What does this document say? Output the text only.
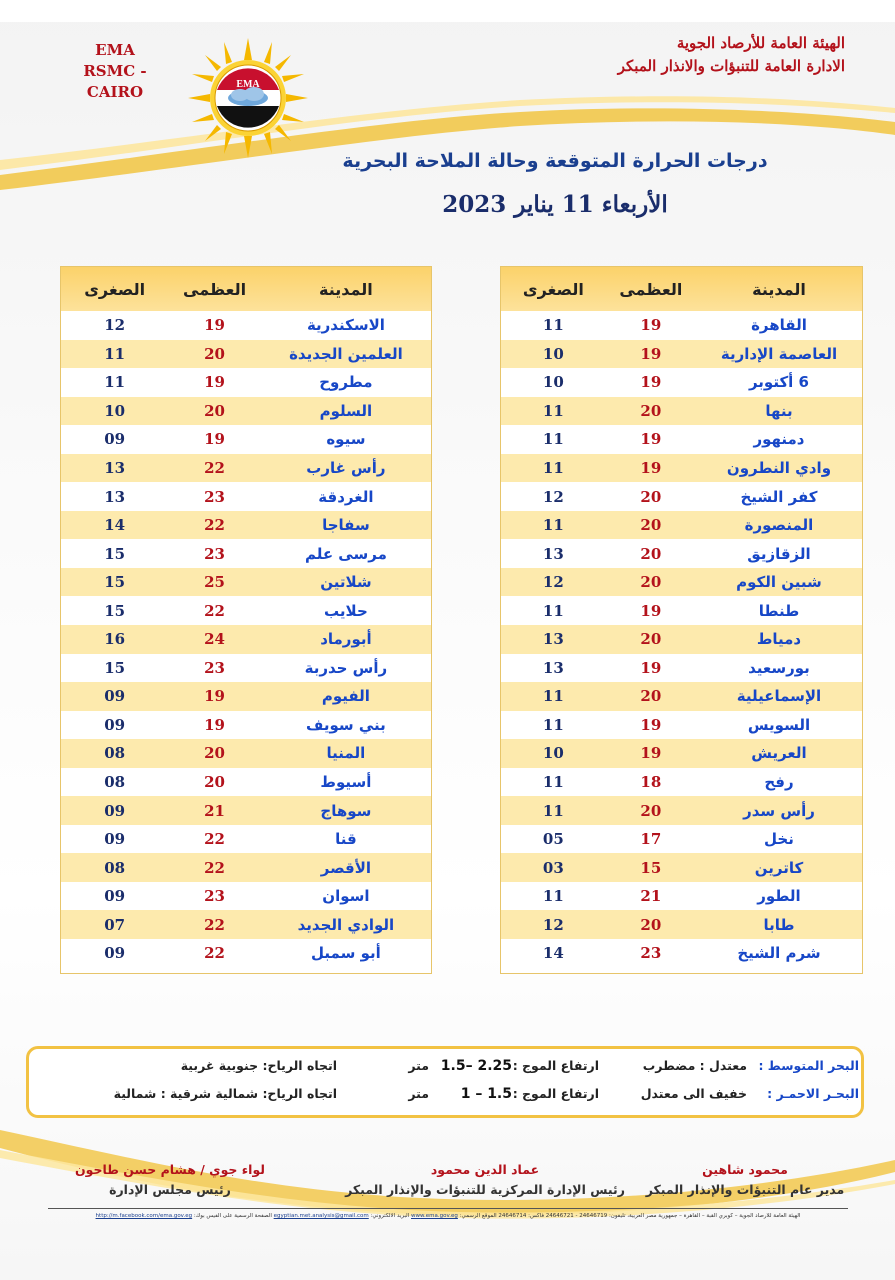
EMA
RSMC - CAIRO	EMA
الهيئة العامة للأرصاد الجوية
الادارة العامة للتنبؤات والانذار المبكر
درجات الحرارة المتوقعة وحالة الملاحة البحرية
الأربعاء 11 يناير 2023
المدينة
العظمى
الصغرى
القاهرة
19
11
العاصمة الإدارية
19
10
6 أكتوبر
19
10
بنها
20
11
دمنهور
19
11
وادي النطرون
19
11
كفر الشيخ
20
12
المنصورة
20
11
الزقازيق
20
13
شبين الكوم
20
12
طنطا
19
11
دمياط
20
13
بورسعيد
19
13
الإسماعيلية
20
11
السويس
19
11
العريش
19
10
رفح
18
11
رأس سدر
20
11
نخل
17
05
كاترين
15
03
الطور
21
11
طابا
20
12
شرم الشيخ
23
14
المدينة
العظمى
الصغرى
الاسكندرية
19
12
العلمين الجديدة
20
11
مطروح
19
11
السلوم
20
10
سيوه
19
09
رأس غارب
22
13
الغردقة
23
13
سفاجا
22
14
مرسى علم
23
15
شلاتين
25
15
حلايب
22
15
أبورماد
24
16
رأس حدربة
23
15
الفيوم
19
09
بني سويف
19
09
المنيا
20
08
أسيوط
20
08
سوهاج
21
09
قنا
22
09
الأقصر
22
08
اسوان
23
09
الوادي الجديد
22
07
أبو سمبل
22
09
البحر المتوسط :
معتدل : مضطرب
ارتفاع الموج :
1.5– 2.25
متر
اتجاه الرياح: جنوبية غربية
البحـر الاحمـر :
خفيف الى معتدل
ارتفاع الموج :
1 – 1.5
متر
اتجاه الرياح: شمالية شرقية : شمالية
محمود شاهين
مدير عام التنبؤات والإنذار المبكر
عماد الدين محمود
رئيس الإدارة المركزية للتنبؤات والإنذار المبكر
لواء جوي / هشام حسن طاحون
رئيس مجلس الإدارة
الهيئة العامة للأرصاد الجوية – كوبري القبة – القاهرة – جمهورية مصر العربية، تليفون: 24646719 - 24646721 فاكس: 24646714 الموقع الرسمي: www.ema.gov.eg البريد الالكتروني: egyptian.met.analysis@gmail.com الصفحة الرسمية على الفيس بوك: http://m.facebook.com/ema.gov.eg
